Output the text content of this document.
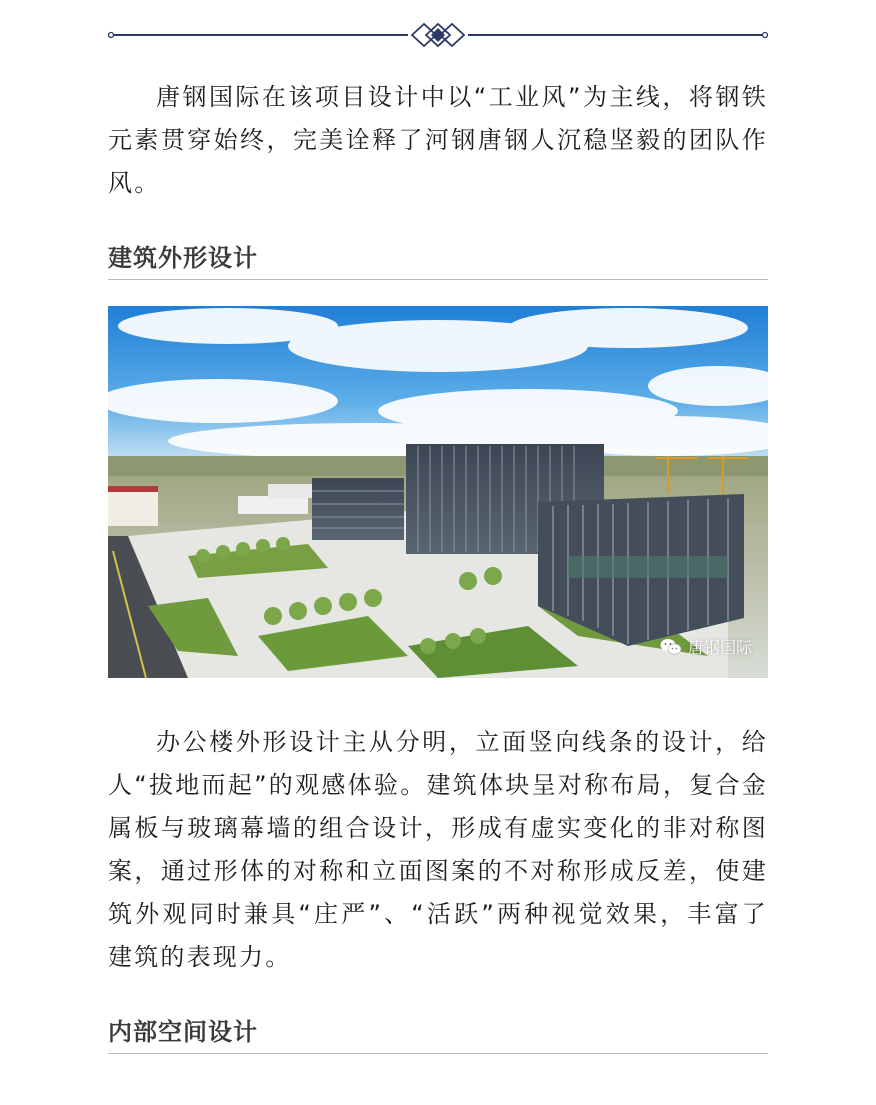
唐钢国际在该项目设计中以“工业风”为主线，将钢铁元素贯穿始终，完美诠释了河钢唐钢人沉稳坚毅的团队作风。

建筑外形设计
唐钢国际

办公楼外形设计主从分明，立面竖向线条的设计，给人“拔地而起”的观感体验。建筑体块呈对称布局，复合金属板与玻璃幕墙的组合设计，形成有虚实变化的非对称图案，通过形体的对称和立面图案的不对称形成反差，使建筑外观同时兼具“庄严”、“活跃”两种视觉效果，丰富了建筑的表现力。

内部空间设计
